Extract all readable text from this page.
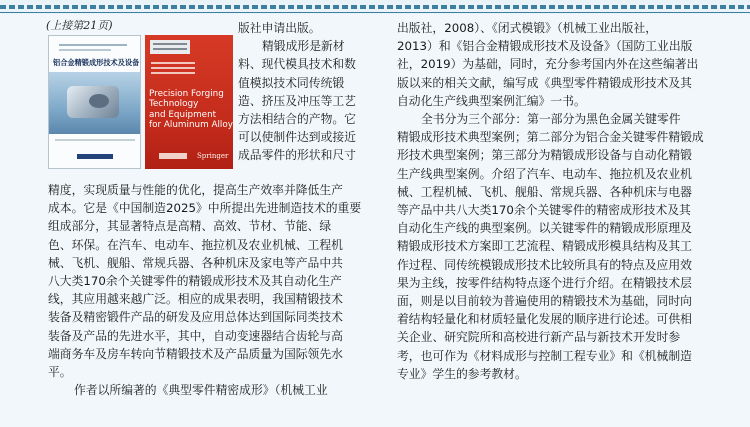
(上接第21页)
铝合金精锻成形技术及设备
Precision Forging
Technology
and Equipment
for Aluminum Alloy
Springer

版社申请出版。

精锻成形是新材

料、现代模具技术和数

值模拟技术同传统锻

造、挤压及冲压等工艺

方法相结合的产物。它

可以使制件达到或接近

成品零件的形状和尺寸

精度，实现质量与性能的优化，提高生产效率并降低生产

成本。它是《中国制造2025》中所提出先进制造技术的重要

组成部分，其显著特点是高精、高效、节材、节能、绿

色、环保。在汽车、电动车、拖拉机及农业机械、工程机

械、飞机、舰船、常规兵器、各种机床及家电等产品中共

八大类170余个关键零件的精锻成形技术及其自动化生产

线，其应用越来越广泛。相应的成果表明，我国精锻技术

装备及精密锻件产品的研发及应用总体达到国际同类技术

装备及产品的先进水平，其中，自动变速器结合齿轮与高

端商务车及房车转向节精锻技术及产品质量为国际领先水

平。

作者以所编著的《典型零件精密成形》（机械工业

出版社，2008）、《闭式模锻》（机械工业出版社，

2013）和《铝合金精锻成形技术及设备》（国防工业出版

社，2019）为基础，同时，充分参考国内外在这些编著出

版以来的相关文献，编写成《典型零件精锻成形技术及其

自动化生产线典型案例汇编》一书。

全书分为三个部分：第一部分为黑色金属关键零件

精锻成形技术典型案例；第二部分为铝合金关键零件精锻成

形技术典型案例；第三部分为精锻成形设备与自动化精锻

生产线典型案例。介绍了汽车、电动车、拖拉机及农业机

械、工程机械、飞机、舰船、常规兵器、各种机床与电器

等产品中共八大类170余个关键零件的精密成形技术及其

自动化生产线的典型案例。以关键零件的精锻成形原理及

精锻成形技术方案即工艺流程、精锻成形模具结构及其工

作过程、同传统模锻成形技术比较所具有的特点及应用效

果为主线，按零件结构特点逐个进行介绍。在精锻技术层

面，则是以目前较为普遍使用的精锻技术为基础，同时向

着结构轻量化和材质轻量化发展的顺序进行论述。可供相

关企业、研究院所和高校进行新产品与新技术开发时参

考，也可作为《材料成形与控制工程专业》和《机械制造

专业》学生的参考教材。
